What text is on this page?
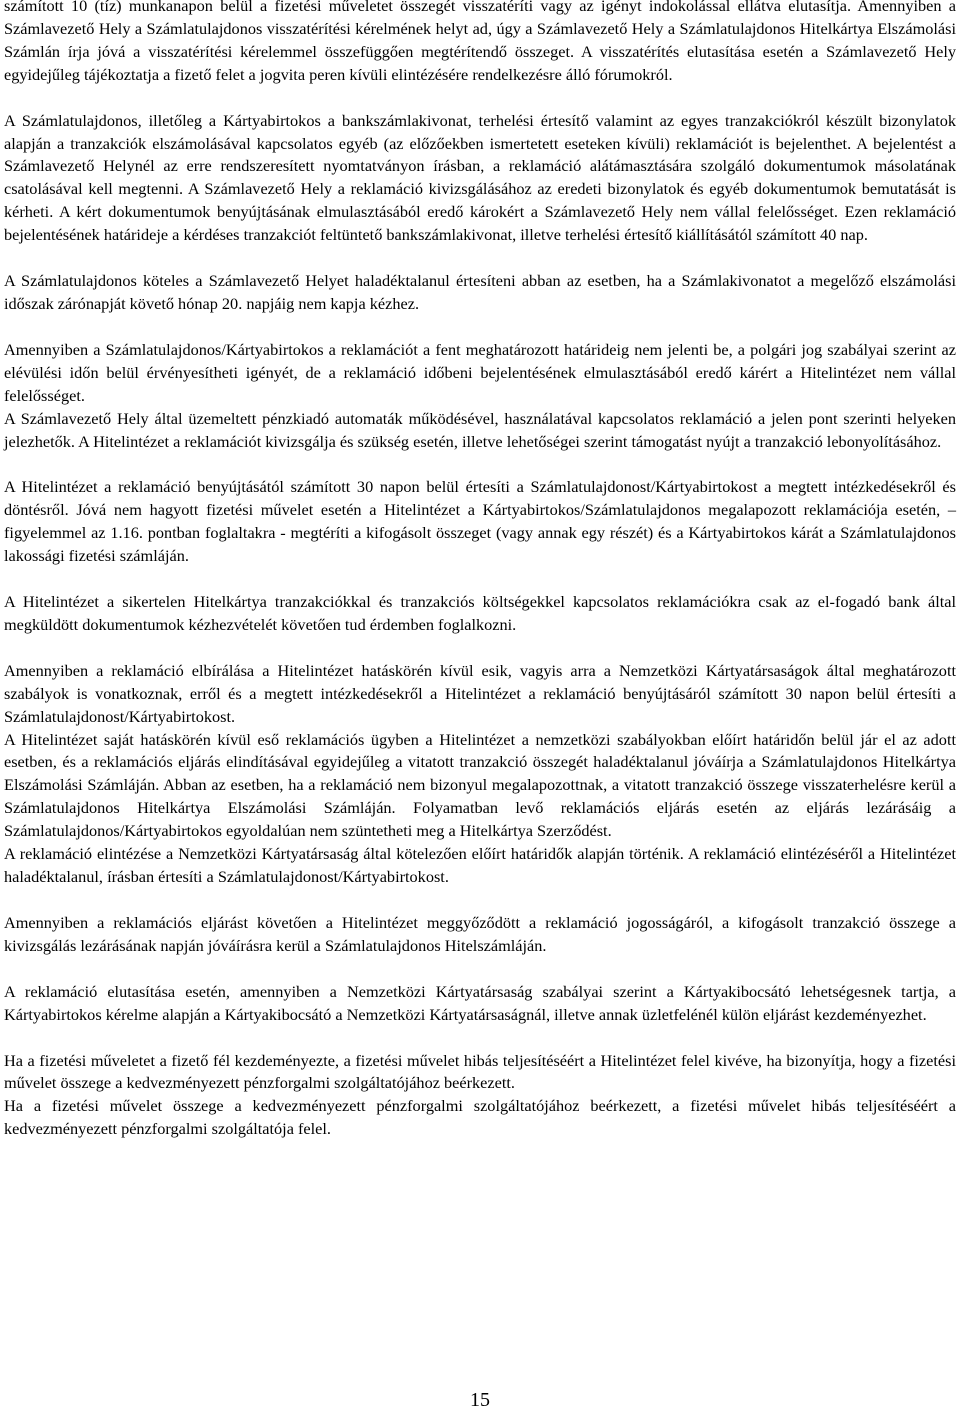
számított 10 (tíz) munkanapon belül a fizetési műveletet összegét visszatéríti vagy az igényt indokolással ellátva elutasítja. Amennyiben a Számlavezető Hely a Számlatulajdonos visszatérítési kérelmének helyt ad, úgy a Számlavezető Hely a Számlatulajdonos Hitelkártya Elszámolási Számlán írja jóvá a visszatérítési kérelemmel összefüggően megtérítendő összeget. A visszatérítés elutasítása esetén a Számlavezető Hely egyidejűleg tájékoztatja a fizető felet a jogvita peren kívüli elintézésére rendelkezésre álló fórumokról.

A Számlatulajdonos, illetőleg a Kártyabirtokos a bankszámlakivonat, terhelési értesítő valamint az egyes tranzakciókról készült bizonylatok alapján a tranzakciók elszámolásával kapcsolatos egyéb (az előzőekben ismertetett eseteken kívüli) reklamációt is bejelenthet. A bejelentést a Számlavezető Helynél az erre rendszeresített nyomtatványon írásban, a reklamáció alátámasztására szolgáló dokumentumok másolatának csatolásával kell megtenni. A Számlavezető Hely a reklamáció kivizsgálásához az eredeti bizonylatok és egyéb dokumentumok bemutatását is kérheti. A kért dokumentumok benyújtásának elmulasztásából eredő károkért a Számlavezető Hely nem vállal felelősséget. Ezen reklamáció bejelentésének határideje a kérdéses tranzakciót feltüntető bankszámlakivonat, illetve terhelési értesítő kiállításától számított 40 nap.

A Számlatulajdonos köteles a Számlavezető Helyet haladéktalanul értesíteni abban az esetben, ha a Számlakivonatot a megelőző elszámolási időszak zárónapját követő hónap 20. napjáig nem kapja kézhez.

Amennyiben a Számlatulajdonos/Kártyabirtokos a reklamációt a fent meghatározott határideig nem jelenti be, a polgári jog szabályai szerint az elévülési időn belül érvényesítheti igényét, de a reklamáció időbeni bejelentésének elmulasztásából eredő kárért a Hitelintézet nem vállal felelősséget.

A Számlavezető Hely által üzemeltett pénzkiadó automaták működésével, használatával kapcsolatos reklamáció a jelen pont szerinti helyeken jelezhetők. A Hitelintézet a reklamációt kivizsgálja és szükség esetén, illetve lehetőségei szerint támogatást nyújt a tranzakció lebonyolításához.

A Hitelintézet a reklamáció benyújtásától számított 30 napon belül értesíti a Számlatulajdonost/Kártyabirtokost a megtett intézkedésekről és döntésről. Jóvá nem hagyott fizetési művelet esetén a Hitelintézet a Kártyabirtokos/Számlatulajdonos megalapozott reklamációja esetén, – figyelemmel az 1.16. pontban foglaltakra - megtéríti a kifogásolt összeget (vagy annak egy részét) és a Kártyabirtokos kárát a Számlatulajdonos lakossági fizetési számláján.

A Hitelintézet a sikertelen Hitelkártya tranzakciókkal és tranzakciós költségekkel kapcsolatos reklamációkra csak az el-fogadó bank által megküldött dokumentumok kézhezvételét követően tud érdemben foglalkozni.

Amennyiben a reklamáció elbírálása a Hitelintézet hatáskörén kívül esik, vagyis arra a Nemzetközi Kártyatársaságok által meghatározott szabályok is vonatkoznak, erről és a megtett intézkedésekről a Hitelintézet a reklamáció benyújtásáról számított 30 napon belül értesíti a Számlatulajdonost/Kártyabirtokost.

A Hitelintézet saját hatáskörén kívül eső reklamációs ügyben a Hitelintézet a nemzetközi szabályokban előírt határidőn belül jár el az adott esetben, és a reklamációs eljárás elindításával egyidejűleg a vitatott tranzakció összegét haladéktalanul jóváírja a Számlatulajdonos Hitelkártya Elszámolási Számláján. Abban az esetben, ha a reklamáció nem bizonyul megalapozottnak, a vitatott tranzakció összege visszaterhelésre kerül a Számlatulajdonos Hitelkártya Elszámolási Számláján. Folyamatban levő reklamációs eljárás esetén az eljárás lezárásáig a Számlatulajdonos/Kártyabirtokos egyoldalúan nem szüntetheti meg a Hitelkártya Szerződést.

A reklamáció elintézése a Nemzetközi Kártyatársaság által kötelezően előírt határidők alapján történik. A reklamáció elintézéséről a Hitelintézet haladéktalanul, írásban értesíti a Számlatulajdonost/Kártyabirtokost.

Amennyiben a reklamációs eljárást követően a Hitelintézet meggyőződött a reklamáció jogosságáról, a kifogásolt tranzakció összege a kivizsgálás lezárásának napján jóváírásra kerül a Számlatulajdonos Hitelszámláján.

A reklamáció elutasítása esetén, amennyiben a Nemzetközi Kártyatársaság szabályai szerint a Kártyakibocsátó lehetségesnek tartja, a Kártyabirtokos kérelme alapján a Kártyakibocsátó a Nemzetközi Kártyatársaságnál, illetve annak üzletfelénél külön eljárást kezdeményezhet.

Ha a fizetési műveletet a fizető fél kezdeményezte, a fizetési művelet hibás teljesítéséért a Hitelintézet felel kivéve, ha bizonyítja, hogy a fizetési művelet összege a kedvezményezett pénzforgalmi szolgáltatójához beérkezett.

Ha a fizetési művelet összege a kedvezményezett pénzforgalmi szolgáltatójához beérkezett, a fizetési művelet hibás teljesítéséért a kedvezményezett pénzforgalmi szolgáltatója felel.

15
